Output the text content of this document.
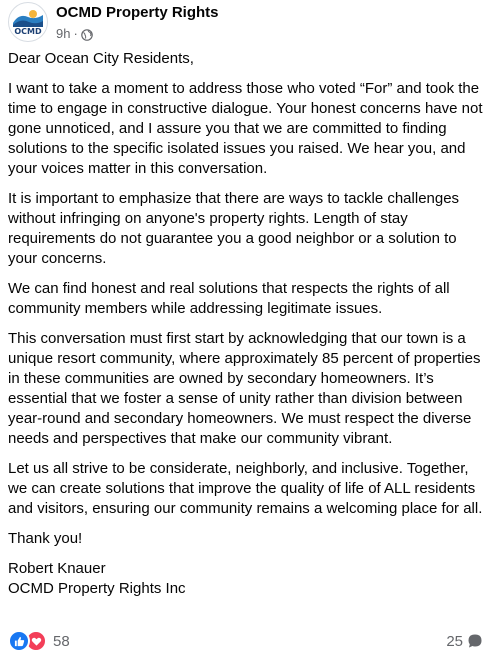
OCMD
OCMD Property Rights
9h ·

Dear Ocean City Residents,

I want to take a moment to address those who voted “For” and took the time to engage in constructive dialogue. Your honest concerns have not gone unnoticed, and I assure you that we are committed to finding solutions to the specific isolated issues you raised. We hear you, and your voices matter in this conversation.

It is important to emphasize that there are ways to tackle challenges without infringing on anyone's property rights. Length of stay requirements do not guarantee you a good neighbor or a solution to your concerns.

We can find honest and real solutions that respects the rights of all community members while addressing legitimate issues.

This conversation must first start by acknowledging that our town is a unique resort community, where approximately 85 percent of properties in these communities are owned by secondary homeowners. It’s essential that we foster a sense of unity rather than division between year-round and secondary homeowners. We must respect the diverse needs and perspectives that make our community vibrant.

Let us all strive to be considerate, neighborly, and inclusive. Together, we can create solutions that improve the quality of life of ALL residents and visitors, ensuring our community remains a welcoming place for all.

Thank you!

Robert Knauer

OCMD Property Rights Inc

58	25
